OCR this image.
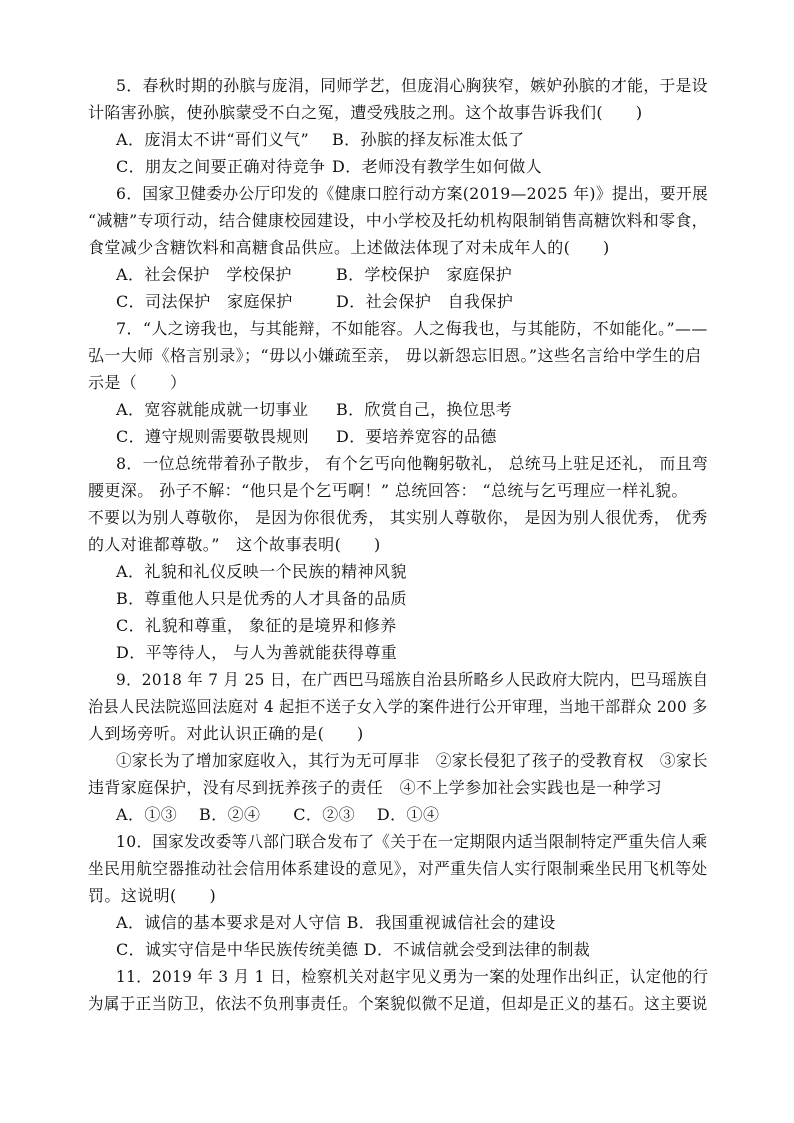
5．春秋时期的孙膑与庞涓，同师学艺，但庞涓心胸狭窄，嫉妒孙膑的才能，于是设
计陷害孙膑，使孙膑蒙受不白之冤，遭受残肢之刑。这个故事告诉我们(　　)
A．庞涓太不讲“哥们义气” B．孙膑的择友标准太低了
C．朋友之间要正确对待竞争 D．老师没有教学生如何做人
6．国家卫健委办公厅印发的《健康口腔行动方案(2019—2025 年)》提出，要开展
“减糖”专项行动，结合健康校园建设，中小学校及托幼机构限制销售高糖饮料和零食，
食堂减少含糖饮料和高糖食品供应。上述做法体现了对未成年人的(　　)
A．社会保护　学校保护	B．学校保护　家庭保护
C．司法保护　家庭保护	D．社会保护　自我保护
7．“人之谤我也，与其能辩，不如能容。人之侮我也，与其能防，不如能化。”——
弘一大师《格言别录》；“毋以小嫌疏至亲， 毋以新怨忘旧恩。”这些名言给中学生的启
示是（　　）
A．宽容就能成就一切事业 B．欣赏自己，换位思考
C．遵守规则需要敬畏规则 D．要培养宽容的品德
8．一位总统带着孙子散步， 有个乞丐向他鞠躬敬礼， 总统马上驻足还礼， 而且弯
腰更深。 孙子不解：“他只是个乞丐啊！” 总统回答： “总统与乞丐理应一样礼貌。
不要以为别人尊敬你， 是因为你很优秀， 其实别人尊敬你， 是因为别人很优秀， 优秀
的人对谁都尊敬。”　这个故事表明(　　)
A．礼貌和礼仪反映一个民族的精神风貌
B．尊重他人只是优秀的人才具备的品质
C．礼貌和尊重， 象征的是境界和修养
D．平等待人， 与人为善就能获得尊重
9．2018 年 7 月 25 日，在广西巴马瑶族自治县所略乡人民政府大院内，巴马瑶族自
治县人民法院巡回法庭对 4 起拒不送子女入学的案件进行公开审理，当地干部群众 200 多
人到场旁听。对此认识正确的是(　　)
①家长为了增加家庭收入，其行为无可厚非　②家长侵犯了孩子的受教育权　③家长
违背家庭保护，没有尽到抚养孩子的责任　④不上学参加社会实践也是一种学习
A．①③　 B．②④　　C．②③　 D．①④
10．国家发改委等八部门联合发布了《关于在一定期限内适当限制特定严重失信人乘
坐民用航空器推动社会信用体系建设的意见》，对严重失信人实行限制乘坐民用飞机等处
罚。这说明(　　)
A．诚信的基本要求是对人守信 B．我国重视诚信社会的建设
C．诚实守信是中华民族传统美德 D．不诚信就会受到法律的制裁
11．2019 年 3 月 1 日，检察机关对赵宇见义勇为一案的处理作出纠正，认定他的行
为属于正当防卫，依法不负刑事责任。个案貌似微不足道，但却是正义的基石。这主要说
